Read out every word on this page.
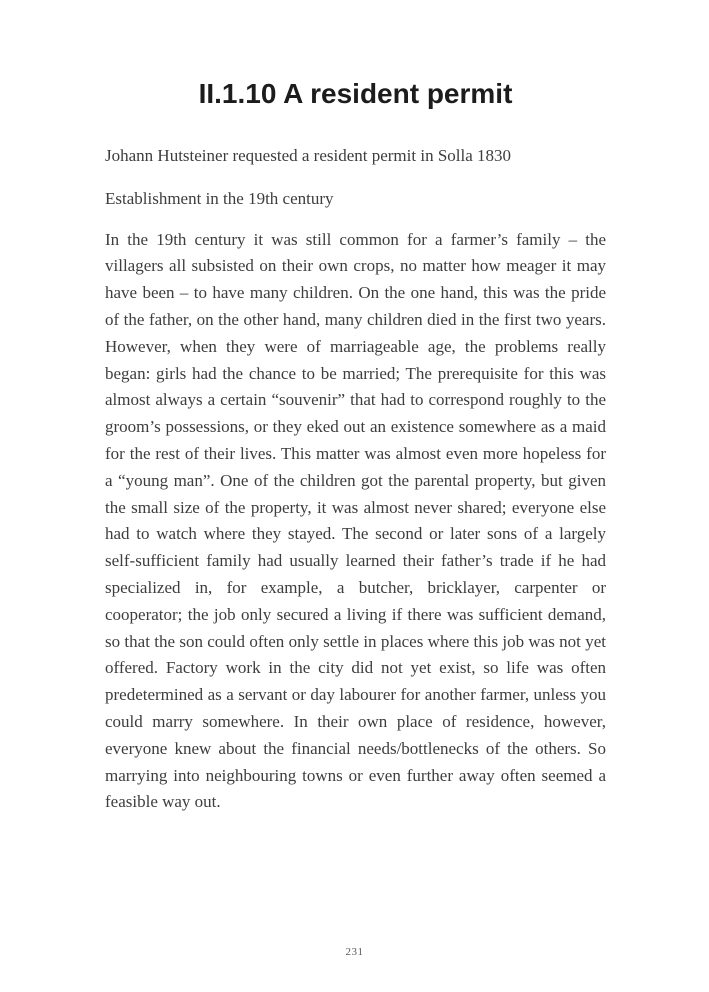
II.1.10 A resident permit

Johann Hutsteiner requested a resident permit in Solla 1830

Establishment in the 19th century

In the 19th century it was still common for a farmer’s family – the villagers all subsisted on their own crops, no matter how meager it may have been – to have many children. On the one hand, this was the pride of the father, on the other hand, many children died in the first two years. However, when they were of marriageable age, the problems really began: girls had the chance to be married; The prerequisite for this was almost always a certain “souvenir” that had to correspond roughly to the groom’s possessions, or they eked out an existence somewhere as a maid for the rest of their lives. This matter was almost even more hopeless for a “young man”. One of the children got the parental property, but given the small size of the property, it was almost never shared; everyone else had to watch where they stayed. The second or later sons of a largely self-sufficient family had usually learned their father’s trade if he had specialized in, for example, a butcher, bricklayer, carpenter or cooperator; the job only secured a living if there was sufficient demand, so that the son could often only settle in places where this job was not yet offered. Factory work in the city did not yet exist, so life was often predetermined as a servant or day labourer for another farmer, unless you could marry somewhere. In their own place of residence, however, everyone knew about the financial needs/bottlenecks of the others. So marrying into neighbouring towns or even further away often seemed a feasible way out.

231
